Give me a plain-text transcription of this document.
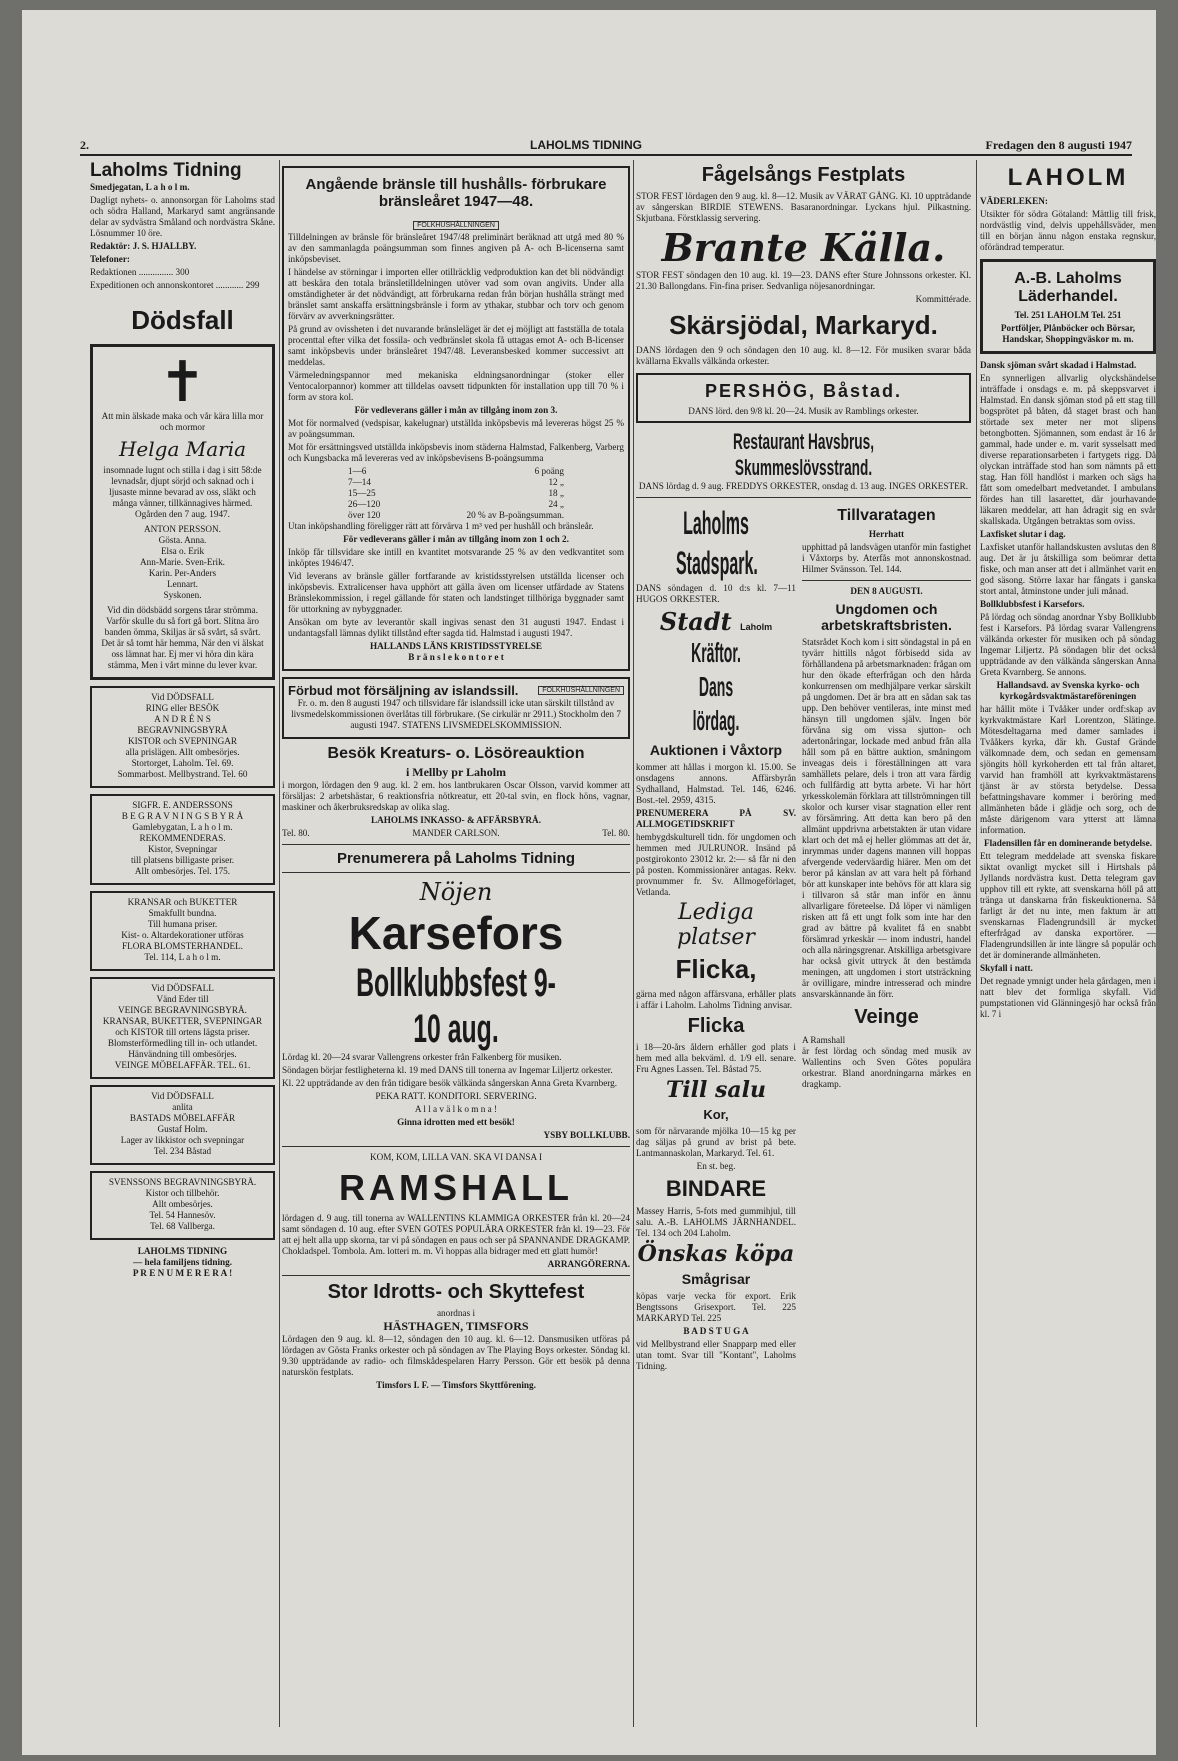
2.	LAHOLMS TIDNING	Fredagen den 8 augusti 1947
Laholms Tidning

Smedjegatan, L a h o l m.

Dagligt nyhets- o. annonsorgan för Laholms stad och södra Halland, Markaryd samt angränsande delar av sydvästra Småland och nordvästra Skåne. Lösnummer 10 öre.

Redaktör: J. S. HJALLBY.

Telefoner:

Redaktionen ............... 300

Expeditionen och annonskontoret ............ 299

Dödsfall
✝

Att min älskade maka och vår kära lilla mor och mormor

Helga Maria

insomnade lugnt och stilla i dag i sitt 58:de levnadsår, djupt sörjd och saknad och i ljusaste minne bevarad av oss, släkt och många vänner, tillkännagives härmed. Ogården den 7 aug. 1947.

ANTON PERSSON.
Gösta. Anna.
Elsa o. Erik
Ann-Marie. Sven-Erik.
Karin. Per-Anders
Lennart.
Syskonen.

Vid din dödsbädd sorgens tårar strömma. Varför skulle du så fort gå bort. Slitna äro banden ömma, Skiljas är så svårt, så svårt. Det är så tomt här hemma, När den vi älskat oss lämnat har. Ej mer vi höra din kära stämma, Men i vårt minne du lever kvar.

Vid DÖDSFALL
RING eller BESÖK
A N D R É N S
BEGRAVNINGSBYRÅ
KISTOR och SVEPNINGAR
alla prislägen. Allt ombesörjes.
Stortorget, Laholm. Tel. 69.
Sommarbost. Mellbystrand. Tel. 60

SIGFR. E. ANDERSSONS
B E G R A V N I N G S B Y R Å
Gamlebygatan, L a h o l m.
REKOMMENDERAS.
Kistor, Svepningar
till platsens billigaste priser.
Allt ombesörjes. Tel. 175.

KRANSAR och BUKETTER
Smakfullt bundna.
Till humana priser.
Kist- o. Altardekorationer utföras
FLORA BLOMSTERHANDEL.
Tel. 114, L a h o l m.

Vid DÖDSFALL
Vänd Eder till
VEINGE BEGRAVNINGSBYRÅ.
KRANSAR, BUKETTER, SVEPNINGAR och KISTOR till ortens lägsta priser.
Blomsterförmedling till in- och utlandet.
Hänvändning till ombesörjes.
VEINGE MÖBELAFFÄR. TEL. 61.

Vid DÖDSFALL
anlita
BASTADS MÖBELAFFÄR
Gustaf Holm.
Lager av likkistor och svepningar
Tel. 234 Båstad

SVENSSONS BEGRAVNINGSBYRÅ.
Kistor och tillbehör.
Allt ombesörjes.
Tel. 54 Hannesöv.
Tel. 68 Vallberga.

LAHOLMS TIDNING
— hela familjens tidning.
P R E N U M E R E R A !

Angående bränsle till hushålls- förbrukare bränsleåret 1947—48.
FOLKHUSHÅLLNINGEN

Tilldelningen av bränsle för bränsleåret 1947/48 preliminärt beräknad att utgå med 80 % av den sammanlagda poängsumman som finnes angiven på A- och B-licenserna samt inköpsbeviset.

I händelse av störningar i importen eller otillräcklig vedproduktion kan det bli nödvändigt att beskära den totala bränsletilldelningen utöver vad som ovan angivits. Under alla omständigheter är det nödvändigt, att förbrukarna redan från början hushålla strängt med bränslet samt anskaffa ersättningsbränsle i form av ythakar, stubbar och torv och genom förvärv av avverkningsrätter.

På grund av ovissheten i det nuvarande bränsleläget är det ej möjligt att fastställa de totala procenttal efter vilka det fossila- och vedbränslet skola få uttagas emot A- och B-licenser samt inköpsbevis under bränsleåret 1947/48. Leveransbesked kommer successivt att meddelas.

Värmeledningspannor med mekaniska eldningsanordningar (stoker eller Ventocalorpannor) kommer att tilldelas oavsett tidpunkten för installation upp till 70 % i form av stora kol.

För vedleverans gäller i mån av tillgång inom zon 3.

Mot för normalved (vedspisar, kakelugnar) utställda inköpsbevis må levereras högst 25 % av poängsumman.

Mot för ersättningsved utställda inköpsbevis inom städerna Halmstad, Falkenberg, Varberg och Kungsbacka må levereras ved av inköpsbevisens B-poängsumma

1—6	6 poäng
7—14	12 „
15—25	18 „
26—120	24 „
över 120	20 % av B-poängsumman.

Utan inköpshandling föreligger rätt att förvärva 1 m³ ved per hushåll och bränsleår.

För vedleverans gäller i mån av tillgång inom zon 1 och 2.

Inköp får tillsvidare ske intill en kvantitet motsvarande 25 % av den vedkvantitet som inköptes 1946/47.

Vid leverans av bränsle gäller fortfarande av kristidsstyrelsen utställda licenser och inköpsbevis. Extralicenser hava upphört att gälla även om licenser utfärdade av Statens Bränslekommission, i regel gällande för staten och landstinget tillhöriga byggnader samt för uttorkning av nybyggnader.

Ansökan om byte av leverantör skall ingivas senast den 31 augusti 1947. Endast i undantagsfall lämnas dylikt tillstånd efter sagda tid. Halmstad i augusti 1947.

HALLANDS LÄNS KRISTIDSSTYRELSE
B r ä n s l e k o n t o r e t

Förbud mot försäljning av islandssill.	FOLKHUSHÅLLNINGEN

Fr. o. m. den 8 augusti 1947 och tillsvidare får islandssill icke utan särskilt tillstånd av livsmedelskommissionen överlåtas till förbrukare. (Se cirkulär nr 2911.) Stockholm den 7 augusti 1947. STATENS LIVSMEDELSKOMMISSION.

Besök Kreaturs- o. Lösöreauktion
i Mellby pr Laholm

i morgon, lördagen den 9 aug. kl. 2 em. hos lantbrukaren Oscar Olsson, varvid kommer att försäljas: 2 arbetshästar, 6 reaktionsfria nötkreatur, ett 20-tal svin, en flock höns, vagnar, maskiner och åkerbruksredskap av olika slag.

LAHOLMS INKASSO- & AFFÄRSBYRÅ.

Tel. 80.	MANDER CARLSON.	Tel. 80.
Prenumerera på Laholms Tidning
Nöjen
Karsefors
Bollklubbsfest 9-10 aug.

Lördag kl. 20—24 svarar Vallengrens orkester från Falkenberg för musiken.

Söndagen börjar festligheterna kl. 19 med DANS till tonerna av Ingemar Liljertz orkester.

Kl. 22 uppträdande av den från tidigare besök välkända sångerskan Anna Greta Kvarnberg.

PEKA RATT. KONDITORI. SERVERING.

A l l a v ä l k o m n a !

Ginna idrotten med ett besök!

YSBY BOLLKLUBB.

KOM, KOM, LILLA VAN. SKA VI DANSA I

RAMSHALL

lördagen d. 9 aug. till tonerna av WALLENTINS KLAMMIGA ORKESTER från kl. 20—24 samt söndagen d. 10 aug. efter SVEN GOTES POPULÄRA ORKESTER från kl. 19—23. För att ej helt alla upp skorna, tar vi på söndagen en paus och ser på SPANNANDE DRAGKAMP. Chokladspel. Tombola. Am. lotteri m. m. Vi hoppas alla bidrager med ett glatt humör!

ARRANGÖRERNA.

Stor Idrotts- och Skyttefest

anordnas i

HÄSTHAGEN, TIMSFORS

Lördagen den 9 aug. kl. 8—12, söndagen den 10 aug. kl. 6—12. Dansmusiken utföras på lördagen av Gösta Franks orkester och på söndagen av The Playing Boys orkester. Söndag kl. 9.30 uppträdande av radio- och filmskådespelaren Harry Persson. Gör ett besök på denna naturskön festplats.

Timsfors I. F. — Timsfors Skyttförening.

Fågelsångs Festplats

STOR FEST lördagen den 9 aug. kl. 8—12. Musik av VÄRAT GÅNG. Kl. 10 uppträdande av sångerskan BIRDIE STEWENS. Basaranordningar. Lyckans hjul. Pilkastning. Skjutbana. Förstklassig servering.

Brante Källa.

STOR FEST söndagen den 10 aug. kl. 19—23. DANS efter Sture Johnssons orkester. Kl. 21.30 Ballongdans. Fin-fina priser. Sedvanliga nöjesanordningar.

Kommittérade.

Skärsjödal, Markaryd.

DANS lördagen den 9 och söndagen den 10 aug. kl. 8—12. För musiken svarar båda kvällarna Ekvalls välkända orkester.

PERSHÖG, Båstad.

DANS lörd. den 9/8 kl. 20—24. Musik av Ramblings orkester.

Restaurant Havsbrus, Skummeslövsstrand.

DANS lördag d. 9 aug. FREDDYS ORKESTER, onsdag d. 13 aug. INGES ORKESTER.

Laholms Stadspark.

DANS söndagen d. 10 d:s kl. 7—11 HUGOS ORKESTER.

Stadt Laholm
Kräftor. Dans lördag.
Auktionen i Våxtorp

kommer att hållas i morgon kl. 15.00. Se onsdagens annons. Affärsbyrån Sydhalland, Halmstad. Tel. 146, 6246. Bost.-tel. 2959, 4315.

PRENUMERERA PÅ SV. ALLMOGETIDSKRIFT

hembygdskulturell tidn. för ungdomen och hemmen med JULRUNOR. Insänd på postgirokonto 23012 kr. 2:— så får ni den på posten. Kommissionärer antagas. Rekv. provnummer fr. Sv. Allmogeförlaget, Vetlanda.

Lediga platser
Flicka,

gärna med någon affärsvana, erhåller plats i affär i Laholm. Laholms Tidning anvisar.

Flicka

i 18—20-års åldern erhåller god plats i hem med alla bekväml. d. 1/9 ell. senare. Fru Agnes Lassen. Tel. Båstad 75.

Till salu
Kor,

som för närvarande mjölka 10—15 kg per dag säljas på grund av brist på bete. Lantmannaskolan, Markaryd. Tel. 61.

En st. beg.

BINDARE

Massey Harris, 5-fots med gummihjul, till salu. A.-B. LAHOLMS JÄRNHANDEL. Tel. 134 och 204 Laholm.

Önskas köpa
Smågrisar

köpas varje vecka för export. Erik Bengtssons Grisexport. Tel. 225 MARKARYD Tel. 225

B A D S T U G A

vid Mellbystrand eller Snapparp med eller utan tomt. Svar till "Kontant", Laholms Tidning.

Tillvaratagen

Herrhatt

upphittad på landsvägen utanför min fastighet i Våxtorps by. Aterfås mot annonskostnad. Hilmer Svänsson. Tel. 144.

DEN 8 AUGUSTI.

Ungdomen och arbetskraftsbristen.

Statsrådet Koch kom i sitt söndagstal in på en tyvärr hittills något förbisedd sida av förhållandena på arbetsmarknaden: frågan om hur den ökade efterfrågan och den hårda konkurrensen om medhjälpare verkar särskilt på ungdomen. Det är bra att en sådan sak tas upp. Den behöver ventileras, inte minst med hänsyn till ungdomen själv. Ingen bör förvåna sig om vissa sjutton- och adertonåringar, lockade med anbud från alla håll som på en bättre auktion, småningom inveagas deis i föreställningen att vara samhällets pelare, dels i tron att vara färdig och fullfärdig att bytta arbete. Vi har hört yrkesskolemän förklara att tillströmningen till skolor och kurser visar stagnation eller rent av försämring. Att detta kan bero på den allmänt uppdrivna arbetstakten är utan vidare klart och det må ej heller glömmas att det är, inrymmas under dagens mannen vill hoppas afvergende vederväardig hiärer. Men om det beror på känslan av att vara helt på förhand bör att kunskaper inte behövs för att klara sig i tillvaron så står man inför en ännu allvarligare företeelse. Då löper vi nämligen risken att få ett ungt folk som inte har den grad av bättre på kvalitet få en snabbt försämrad yrkeskär — inom industri, handel och alla näringsgrenar. Atskilliga arbetsgivare har också givit uttryck åt den bestämda meningen, att ungdomen i stort utsträckning är ovilligare, mindre intresserad och mindre ansvarskännande än förr.

Veinge

A Ramshall
är fest lördag och söndag med musik av Wallentins och Sven Götes populära orkestrar. Bland anordningarna märkes en dragkamp.

LAHOLM

VÄDERLEKEN:

Utsikter för södra Götaland: Mättlig till frisk, nordvästlig vind, delvis uppehållsväder, men till en början ännu någon enstaka regnskur, oförändrad temperatur.

A.-B. Laholms Läderhandel.

Tel. 251 LAHOLM Tel. 251

Portföljer, Plånböcker och Börsar, Handskar, Shoppingväskor m. m.

Dansk sjöman svårt skadad i Halmstad.

En synnerligen allvarlig olyckshändelse inträffade i onsdags e. m. på skeppsvarvet i Halmstad. En dansk sjöman stod på ett stag till bogsprötet på båten, då staget brast och han störtade sex meter ner mot slipens betongbotten. Sjömannen, som endast är 16 år gammal, hade under e. m. varit sysselsatt med diverse reparationsarbeten i fartygets rigg. Då olyckan inträffade stod han som nämnts på ett stag. Han föll handlöst i marken och sägs ha fått som omedelbart medvetandet. I ambulans fördes han till lasarettet, där jourhavande läkaren meddelar, att han ådragit sig en svår skallskada. Utgången betraktas som oviss.

Laxfisket slutar i dag.

Laxfisket utanför hallandskusten avslutas den 8 aug. Det är ju åtskilliga som beömrar detta fiske, och man anser att det i allmänhet varit en god säsong. Större laxar har fångats i ganska stort antal, åtminstone under juli månad.

Bollklubbsfest i Karsefors.

På lördag och söndag anordnar Ysby Bollklubb fest i Karsefors. På lördag svarar Vallengrens välkända orkester för musiken och på söndag Ingemar Liljertz. På söndagen blir det också uppträdande av den välkända sångerskan Anna Greta Kvarnberg. Se annons.

Hallandsavd. av Svenska kyrko- och kyrkogårdsvaktmästareföreningen

har hållit möte i Tvååker under ordf:skap av kyrkvaktmästare Karl Lorentzon, Slätinge. Mötesdeltagarna med damer samlades i Tvååkers kyrka, där kh. Gustaf Grände välkomnade dem, och sedan en gemensam sjöngits höll kyrkoherden ett tal från altaret, varvid han framhöll att kyrkvaktmästarens tjänst är av största betydelse. Dessa befattningshavare kommer i beröring med allmänheten både i glädje och sorg, och de måste därigenom vara ytterst att lämna information.

Fladensillen får en dominerande betydelse.

Ett telegram meddelade att svenska fiskare siktat ovanligt mycket sill i Hirtshals på Jyllands nordvästra kust. Detta telegram gav upphov till ett rykte, att svenskarna höll på att tränga ut danskarna från fiskeuktionerna. Så farligt är det nu inte, men faktum är att svenskarnas Fladengrundsill är mycket efterfrågad av danska exportörer. — Fladengrundsillen är inte längre så populär och det är dominerande allmänheten.

Skyfall i natt.

Det regnade ymnigt under hela gårdagen, men i natt blev det formliga skyfall. Vid pumpstationen vid Glänningesjö har också från kl. 7 i
